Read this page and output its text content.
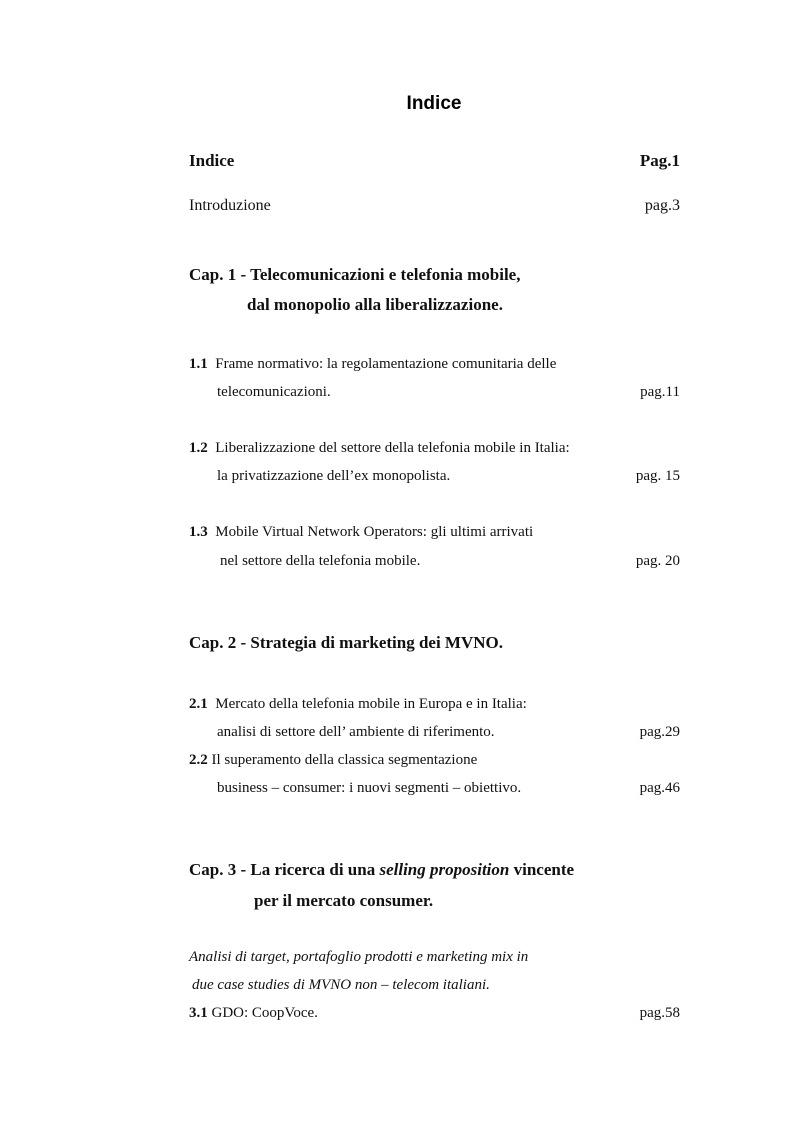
Indice
Indice	Pag.1
Introduzione	pag.3
Cap. 1 - Telecomunicazioni e telefonia mobile,
dal monopolio alla liberalizzazione.
1.1 Frame normativo: la regolamentazione comunitaria delle
telecomunicazioni.	pag.11
1.2 Liberalizzazione del settore della telefonia mobile in Italia:
la privatizzazione dell’ex monopolista.	pag. 15
1.3 Mobile Virtual Network Operators: gli ultimi arrivati
nel settore della telefonia mobile.	pag. 20
Cap. 2 - Strategia di marketing dei MVNO.
2.1 Mercato della telefonia mobile in Europa e in Italia:
analisi di settore dell’ ambiente di riferimento.	pag.29
2.2 Il superamento della classica segmentazione
business – consumer: i nuovi segmenti – obiettivo.	pag.46
Cap. 3 - La ricerca di una selling proposition vincente
per il mercato consumer.
Analisi di target, portafoglio prodotti e marketing mix in
due case studies di MVNO non – telecom italiani.
3.1 GDO: CoopVoce.	pag.58
